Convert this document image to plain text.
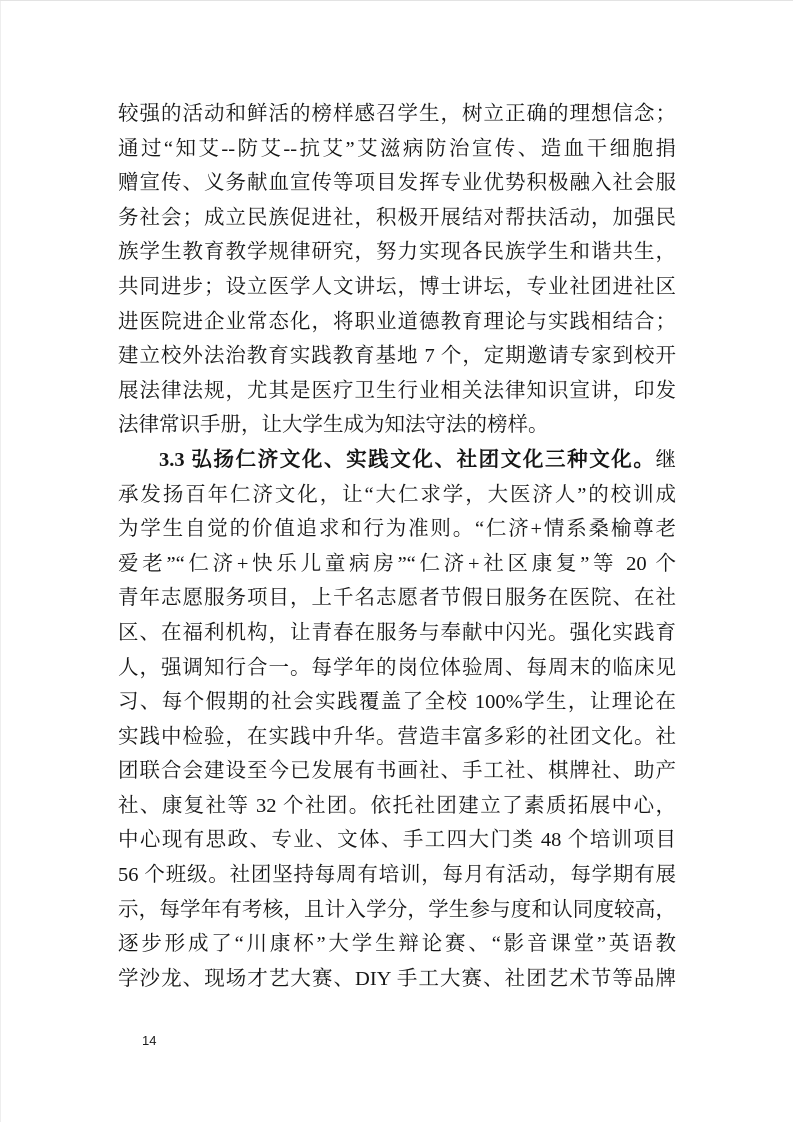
较强的活动和鲜活的榜样感召学生，树立正确的理想信念；
通过“知艾--防艾--抗艾”艾滋病防治宣传、造血干细胞捐
赠宣传、义务献血宣传等项目发挥专业优势积极融入社会服
务社会；成立民族促进社，积极开展结对帮扶活动，加强民
族学生教育教学规律研究，努力实现各民族学生和谐共生，
共同进步；设立医学人文讲坛，博士讲坛，专业社团进社区
进医院进企业常态化，将职业道德教育理论与实践相结合；
建立校外法治教育实践教育基地 7 个，定期邀请专家到校开
展法律法规，尤其是医疗卫生行业相关法律知识宣讲，印发
法律常识手册，让大学生成为知法守法的榜样。
3.3 弘扬仁济文化、实践文化、社团文化三种文化。继
承发扬百年仁济文化，让“大仁求学，大医济人”的校训成
为学生自觉的价值追求和行为准则。“仁济+情系桑榆尊老
爱老”“仁济+快乐儿童病房”“仁济+社区康复”等 20 个
青年志愿服务项目，上千名志愿者节假日服务在医院、在社
区、在福利机构，让青春在服务与奉献中闪光。强化实践育
人，强调知行合一。每学年的岗位体验周、每周末的临床见
习、每个假期的社会实践覆盖了全校 100%学生，让理论在
实践中检验，在实践中升华。营造丰富多彩的社团文化。社
团联合会建设至今已发展有书画社、手工社、棋牌社、助产
社、康复社等 32 个社团。依托社团建立了素质拓展中心，
中心现有思政、专业、文体、手工四大门类 48 个培训项目
56 个班级。社团坚持每周有培训，每月有活动，每学期有展
示，每学年有考核，且计入学分，学生参与度和认同度较高，
逐步形成了“川康杯”大学生辩论赛、“影音课堂”英语教
学沙龙、现场才艺大赛、DIY 手工大赛、社团艺术节等品牌
14
